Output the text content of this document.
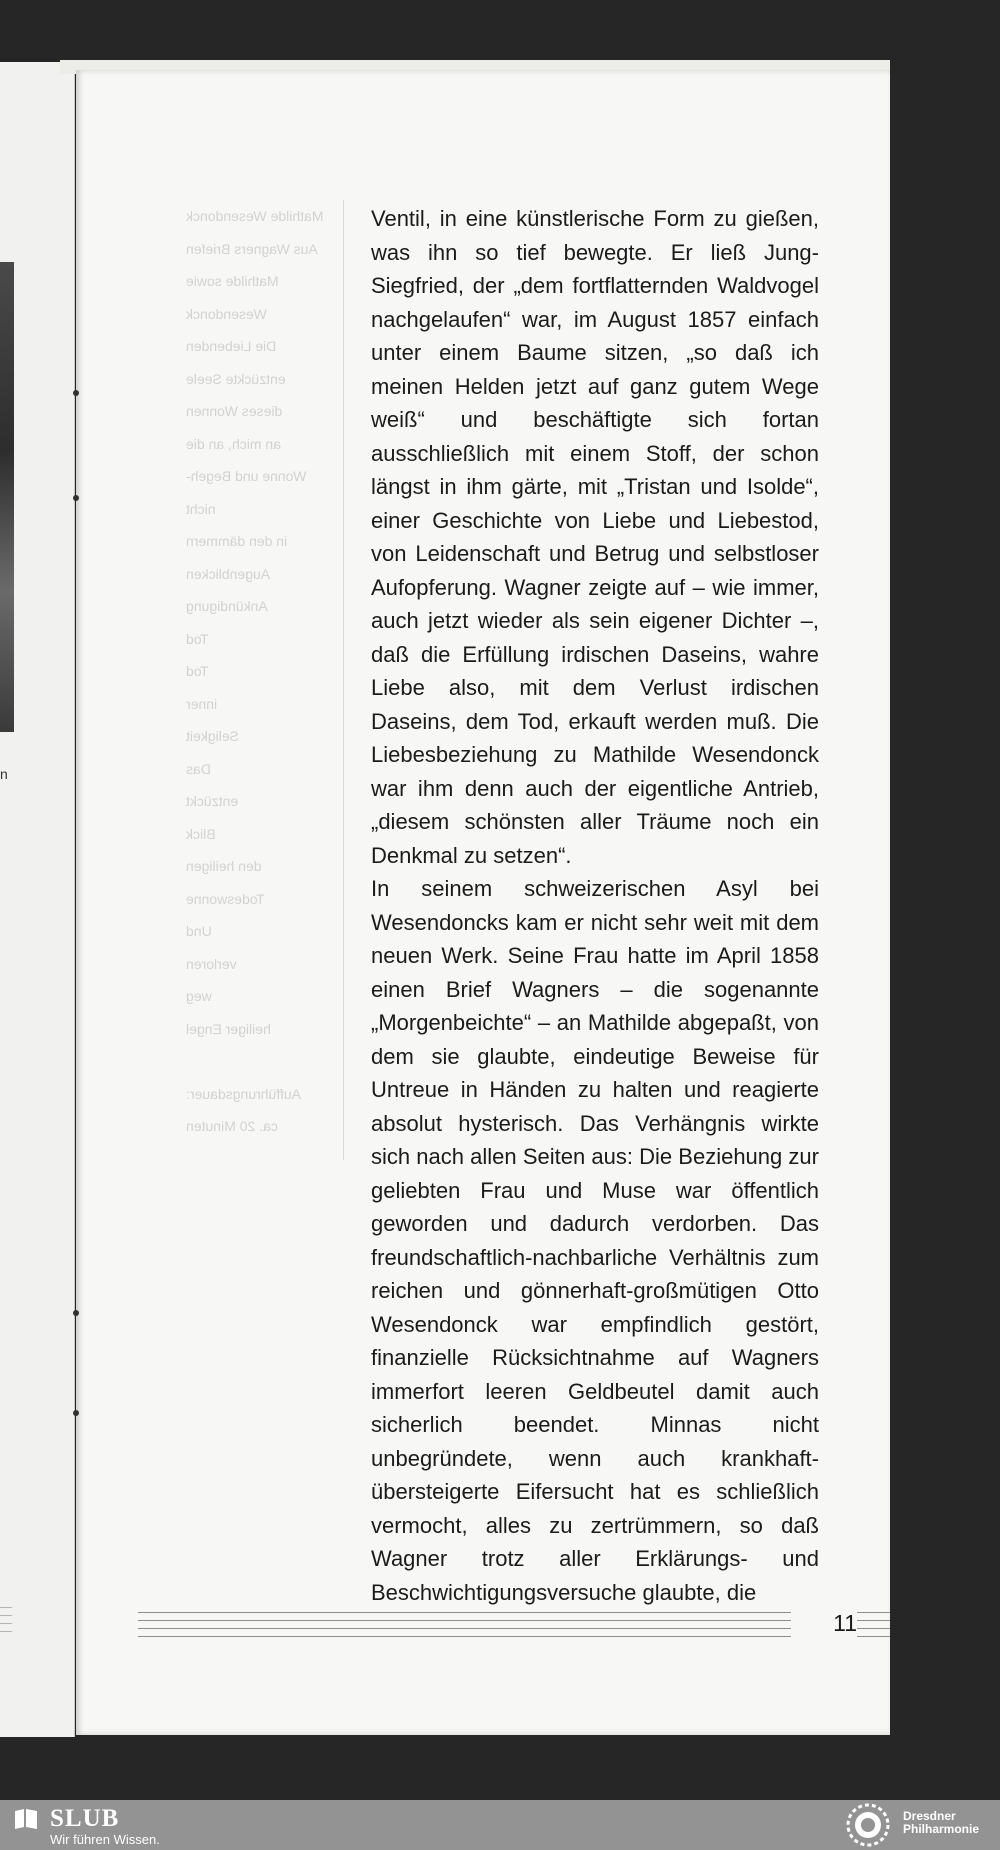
n
Mathilde Wesendonck
Aus Wagners Briefen
Mathilde sowie
Wesendonck
Die Liebenden
entzückte Seele
dieses Wonnen
an mich, an die
Wonne und Begeh-
nicht
in den dämmern
Augenblicken
Ankündigung
Tod
Tod
inner
Seligkeit
Das
entzückt
Blick
den heiligen
Todeswonne
Und
verloren
weg
heiliger Engel

Aufführungsdauer:
ca. 20 Minuten

Ventil, in eine künstlerische Form zu gießen, was ihn so tief bewegte. Er ließ Jung-Siegfried, der „dem fortflatternden Waldvogel nachgelaufen“ war, im August 1857 einfach unter einem Baume sitzen, „so daß ich meinen Helden jetzt auf ganz gutem Wege weiß“ und beschäftigte sich fortan ausschließlich mit einem Stoff, der schon längst in ihm gärte, mit „Tristan und Isolde“, einer Geschichte von Liebe und Liebestod, von Leidenschaft und Betrug und selbstloser Aufopferung. Wagner zeigte auf – wie immer, auch jetzt wieder als sein eigener Dichter –, daß die Erfüllung irdischen Daseins, wahre Liebe also, mit dem Verlust irdischen Daseins, dem Tod, erkauft werden muß. Die Liebesbeziehung zu Mathilde Wesendonck war ihm denn auch der eigentliche Antrieb, „diesem schönsten aller Träume noch ein Denkmal zu setzen“.

In seinem schweizerischen Asyl bei Wesendoncks kam er nicht sehr weit mit dem neuen Werk. Seine Frau hatte im April 1858 einen Brief Wagners – die sogenannte „Morgenbeichte“ – an Mathilde abgepaßt, von dem sie glaubte, eindeutige Beweise für Untreue in Händen zu halten und reagierte absolut hysterisch. Das Verhängnis wirkte sich nach allen Seiten aus: Die Beziehung zur geliebten Frau und Muse war öffentlich geworden und dadurch verdorben. Das freundschaftlich-nachbarliche Verhältnis zum reichen und gönnerhaft-großmütigen Otto Wesendonck war empfindlich gestört, finanzielle Rücksichtnahme auf Wagners immerfort leeren Geldbeutel damit auch sicherlich beendet. Minnas nicht unbegründete, wenn auch krankhaft-übersteigerte Eifersucht hat es schließlich vermocht, alles zu zertrümmern, so daß Wagner trotz aller Erklärungs- und Beschwichtigungsversuche glaubte, die

11
SLUB
Wir führen Wissen.
Dresdner
Philharmonie
